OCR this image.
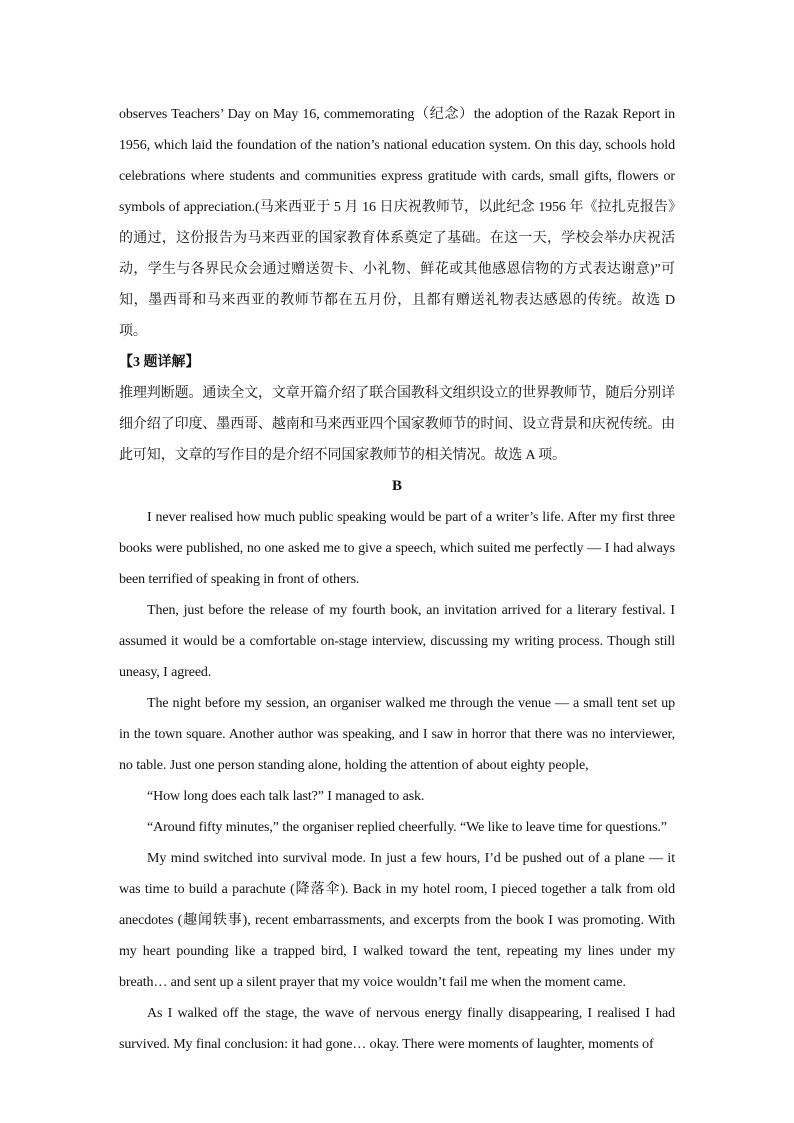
observes Teachers’ Day on May 16, commemorating（纪念）the adoption of the Razak Report in 1956, which laid the foundation of the nation’s national education system. On this day, schools hold celebrations where students and communities express gratitude with cards, small gifts, flowers or symbols of appreciation.(马来西亚于 5 月 16 日庆祝教师节，以此纪念 1956 年《拉扎克报告》的通过，这份报告为马来西亚的国家教育体系奠定了基础。在这一天，学校会举办庆祝活动，学生与各界民众会通过赠送贺卡、小礼物、鲜花或其他感恩信物的方式表达谢意)”可知，墨西哥和马来西亚的教师节都在五月份，且都有赠送礼物表达感恩的传统。故选 D 项。

【3 题详解】

推理判断题。通读全文，文章开篇介绍了联合国教科文组织设立的世界教师节，随后分别详细介绍了印度、墨西哥、越南和马来西亚四个国家教师节的时间、设立背景和庆祝传统。由此可知，文章的写作目的是介绍不同国家教师节的相关情况。故选 A 项。

B

I never realised how much public speaking would be part of a writer’s life. After my first three books were published, no one asked me to give a speech, which suited me perfectly — I had always been terrified of speaking in front of others.

Then, just before the release of my fourth book, an invitation arrived for a literary festival. I assumed it would be a comfortable on-stage interview, discussing my writing process. Though still uneasy, I agreed.

The night before my session, an organiser walked me through the venue — a small tent set up in the town square. Another author was speaking, and I saw in horror that there was no interviewer, no table. Just one person standing alone, holding the attention of about eighty people,

“How long does each talk last?” I managed to ask.

“Around fifty minutes,” the organiser replied cheerfully. “We like to leave time for questions.”

My mind switched into survival mode. In just a few hours, I’d be pushed out of a plane — it was time to build a parachute (降落伞). Back in my hotel room, I pieced together a talk from old anecdotes (趣闻轶事), recent embarrassments, and excerpts from the book I was promoting. With my heart pounding like a trapped bird, I walked toward the tent, repeating my lines under my breath… and sent up a silent prayer that my voice wouldn’t fail me when the moment came.

As I walked off the stage, the wave of nervous energy finally disappearing, I realised I had survived. My final conclusion: it had gone… okay. There were moments of laughter, moments of
